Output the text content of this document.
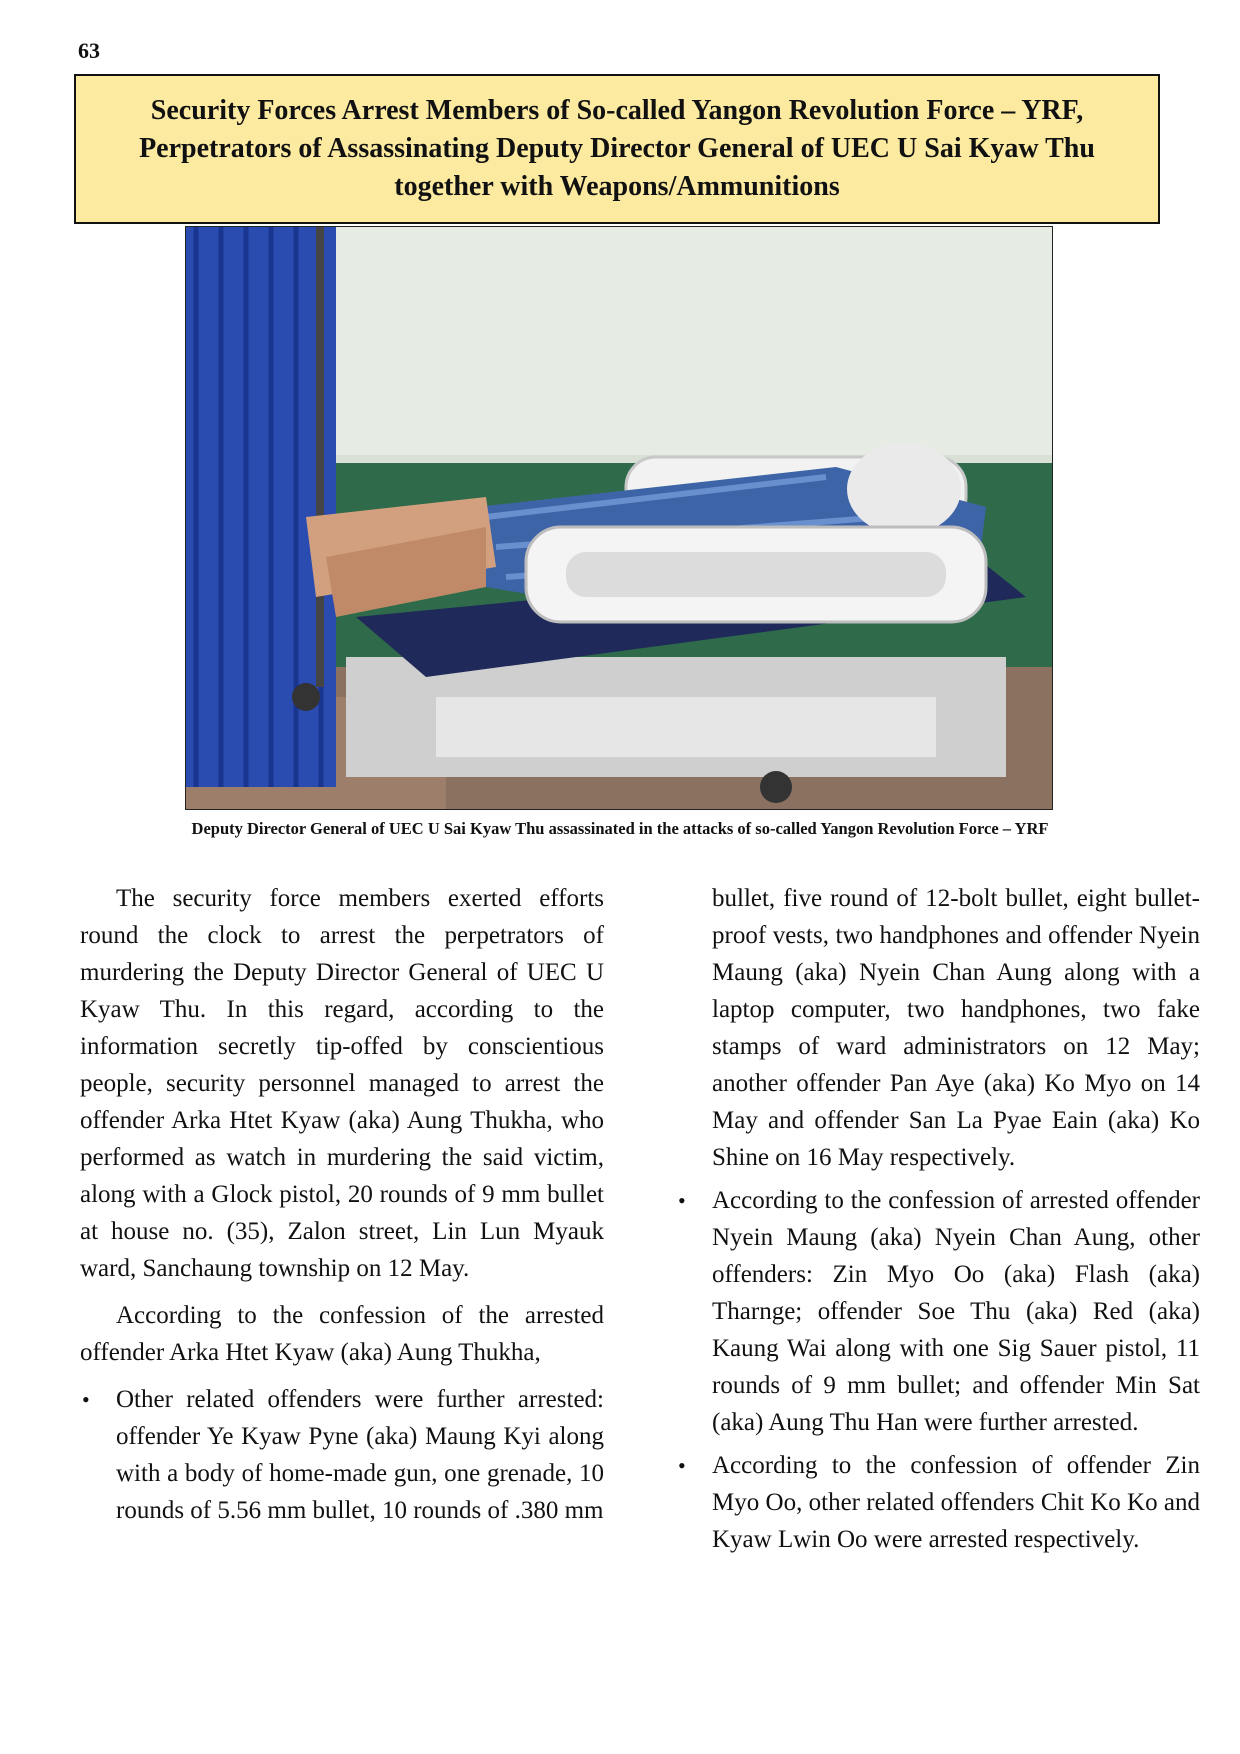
63
Security Forces Arrest Members of So-called Yangon Revolution Force – YRF,
Perpetrators of Assassinating Deputy Director General of UEC U Sai Kyaw Thu
together with Weapons/Ammunitions
Deputy Director General of UEC U Sai Kyaw Thu assassinated in the attacks of so-called Yangon Revolution Force – YRF

The security force members exerted efforts round the clock to arrest the perpetrators of murdering the Deputy Director General of UEC U Kyaw Thu. In this regard, according to the information secretly tip-offed by conscientious people, security personnel managed to arrest the offender Arka Htet Kyaw (aka) Aung Thukha, who performed as watch in murdering the said victim, along with a Glock pistol, 20 rounds of 9 mm bullet at house no. (35), Zalon street, Lin Lun Myauk ward, Sanchaung township on 12 May.

According to the confession of the arrested offender Arka Htet Kyaw (aka) Aung Thukha,

• Other related offenders were further arrested: offender Ye Kyaw Pyne (aka) Maung Kyi along with a body of home-made gun, one grenade, 10 rounds of 5.56 mm bullet, 10 rounds of .380 mm
bullet, five round of 12-bolt bullet, eight bullet-proof vests, two handphones and offender Nyein Maung (aka) Nyein Chan Aung along with a laptop computer, two handphones, two fake stamps of ward administrators on 12 May; another offender Pan Aye (aka) Ko Myo on 14 May and offender San La Pyae Eain (aka) Ko Shine on 16 May respectively.
• According to the confession of arrested offender Nyein Maung (aka) Nyein Chan Aung, other offenders: Zin Myo Oo (aka) Flash (aka) Tharnge; offender Soe Thu (aka) Red (aka) Kaung Wai along with one Sig Sauer pistol, 11 rounds of 9 mm bullet; and offender Min Sat (aka) Aung Thu Han were further arrested.
• According to the confession of offender Zin Myo Oo, other related offenders Chit Ko Ko and Kyaw Lwin Oo were arrested respectively.
